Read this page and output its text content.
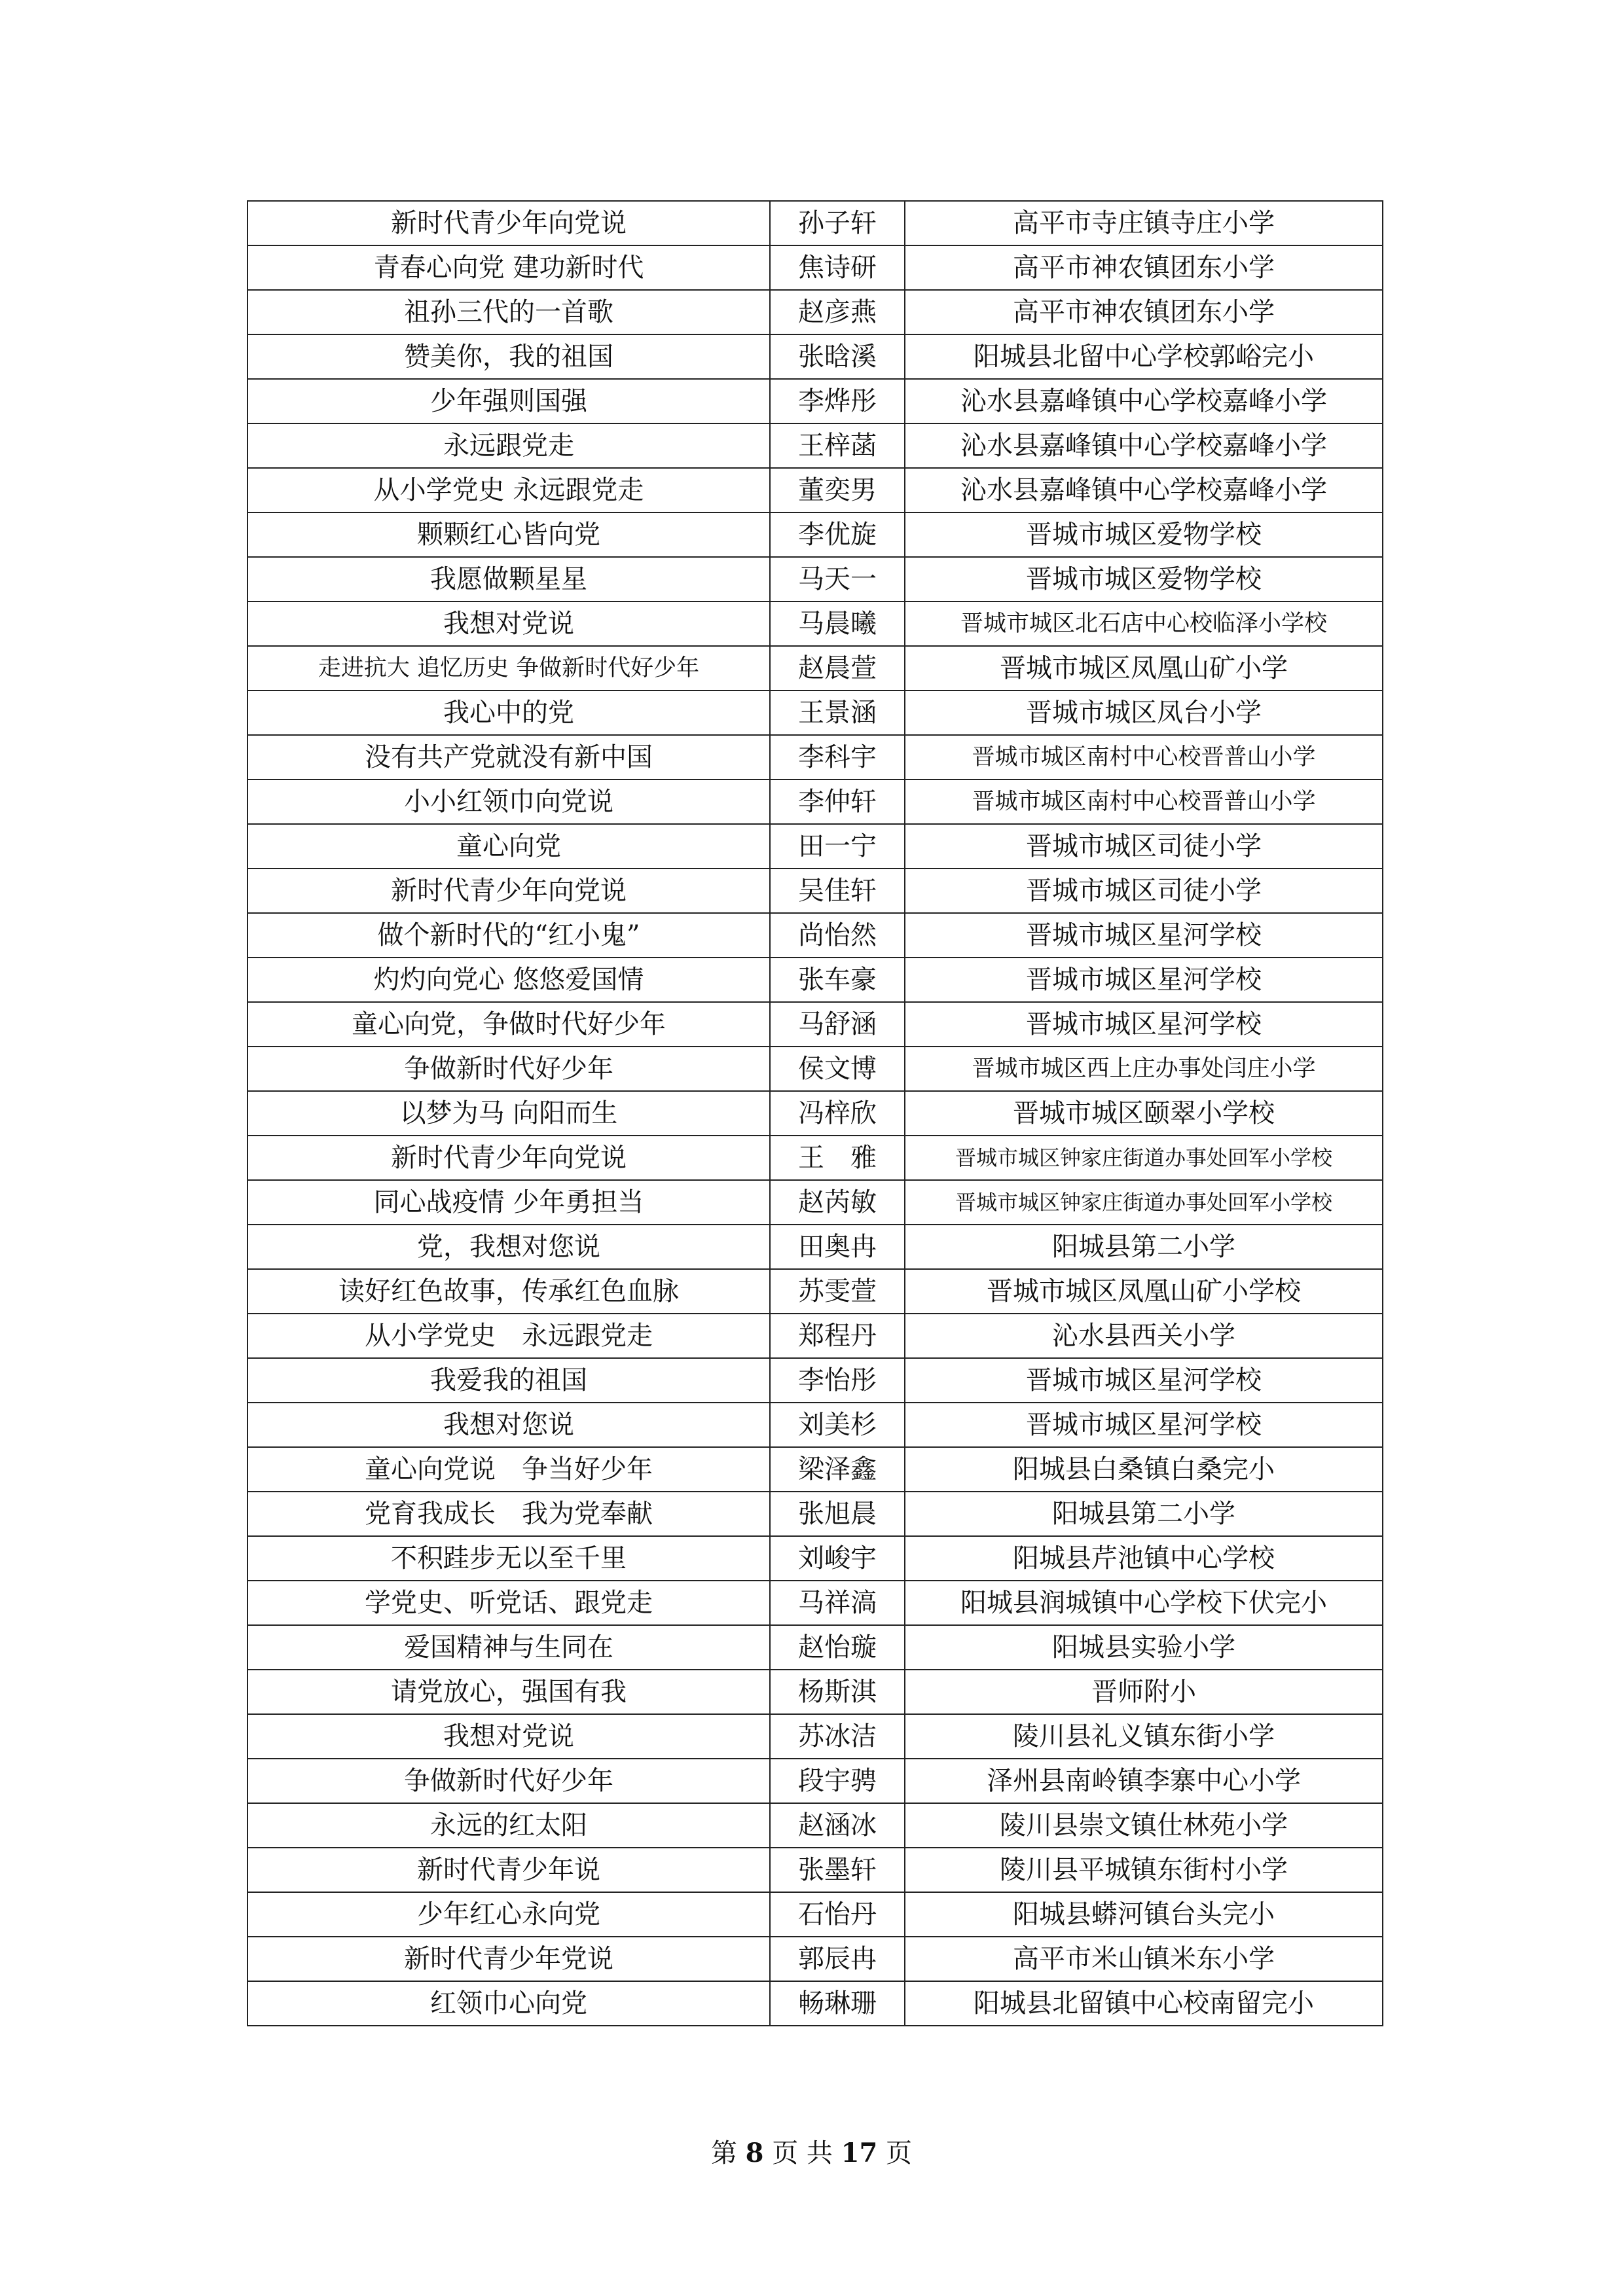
新时代青少年向党说	孙子轩	高平市寺庄镇寺庄小学
青春心向党 建功新时代	焦诗研	高平市神农镇团东小学
祖孙三代的一首歌	赵彦燕	高平市神农镇团东小学
赞美你，我的祖国	张晗溪	阳城县北留中心学校郭峪完小
少年强则国强	李烨彤	沁水县嘉峰镇中心学校嘉峰小学
永远跟党走	王梓菡	沁水县嘉峰镇中心学校嘉峰小学
从小学党史 永远跟党走	董奕男	沁水县嘉峰镇中心学校嘉峰小学
颗颗红心皆向党	李优旋	晋城市城区爱物学校
我愿做颗星星	马天一	晋城市城区爱物学校
我想对党说	马晨曦	晋城市城区北石店中心校临泽小学校
走进抗大 追忆历史 争做新时代好少年	赵晨萱	晋城市城区凤凰山矿小学
我心中的党	王景涵	晋城市城区凤台小学
没有共产党就没有新中国	李科宇	晋城市城区南村中心校晋普山小学
小小红领巾向党说	李仲轩	晋城市城区南村中心校晋普山小学
童心向党	田一宁	晋城市城区司徒小学
新时代青少年向党说	吴佳轩	晋城市城区司徒小学
做个新时代的“红小鬼”	尚怡然	晋城市城区星河学校
灼灼向党心 悠悠爱国情	张车豪	晋城市城区星河学校
童心向党，争做时代好少年	马舒涵	晋城市城区星河学校
争做新时代好少年	侯文博	晋城市城区西上庄办事处闫庄小学
以梦为马 向阳而生	冯梓欣	晋城市城区颐翠小学校
新时代青少年向党说	王　雅	晋城市城区钟家庄街道办事处回军小学校
同心战疫情 少年勇担当	赵芮敏	晋城市城区钟家庄街道办事处回军小学校
党，我想对您说	田奥冉	阳城县第二小学
读好红色故事，传承红色血脉	苏雯萱	晋城市城区凤凰山矿小学校
从小学党史　永远跟党走	郑程丹	沁水县西关小学
我爱我的祖国	李怡彤	晋城市城区星河学校
我想对您说	刘美杉	晋城市城区星河学校
童心向党说　争当好少年	梁泽鑫	阳城县白桑镇白桑完小
党育我成长　我为党奉献	张旭晨	阳城县第二小学
不积跬步无以至千里	刘峻宇	阳城县芹池镇中心学校
学党史、听党话、跟党走	马祥滈	阳城县润城镇中心学校下伏完小
爱国精神与生同在	赵怡璇	阳城县实验小学
请党放心，强国有我	杨斯淇	晋师附小
我想对党说	苏冰洁	陵川县礼义镇东街小学
争做新时代好少年	段宇骋	泽州县南岭镇李寨中心小学
永远的红太阳	赵涵冰	陵川县崇文镇仕林苑小学
新时代青少年说	张墨轩	陵川县平城镇东街村小学
少年红心永向党	石怡丹	阳城县蟒河镇台头完小
新时代青少年党说	郭辰冉	高平市米山镇米东小学
红领巾心向党	畅琳珊	阳城县北留镇中心校南留完小
第 8 页 共 17 页
